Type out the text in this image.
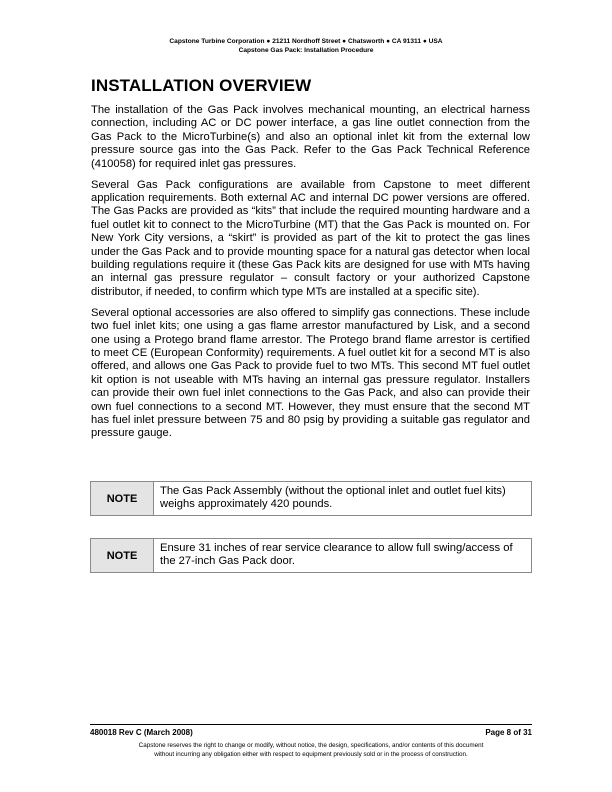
Capstone Turbine Corporation ● 21211 Nordhoff Street ● Chatsworth ● CA 91311 ● USA
Capstone Gas Pack: Installation Procedure
INSTALLATION OVERVIEW

The installation of the Gas Pack involves mechanical mounting, an electrical harness connection, including AC or DC power interface, a gas line outlet connection from the Gas Pack to the MicroTurbine(s) and also an optional inlet kit from the external low pressure source gas into the Gas Pack. Refer to the Gas Pack Technical Reference (410058) for required inlet gas pressures.

Several Gas Pack configurations are available from Capstone to meet different application requirements. Both external AC and internal DC power versions are offered. The Gas Packs are provided as “kits” that include the required mounting hardware and a fuel outlet kit to connect to the MicroTurbine (MT) that the Gas Pack is mounted on. For New York City versions, a “skirt” is provided as part of the kit to protect the gas lines under the Gas Pack and to provide mounting space for a natural gas detector when local building regulations require it (these Gas Pack kits are designed for use with MTs having an internal gas pressure regulator – consult factory or your authorized Capstone distributor, if needed, to confirm which type MTs are installed at a specific site).

Several optional accessories are also offered to simplify gas connections. These include two fuel inlet kits; one using a gas flame arrestor manufactured by Lisk, and a second one using a Protego brand flame arrestor. The Protego brand flame arrestor is certified to meet CE (European Conformity) requirements. A fuel outlet kit for a second MT is also offered, and allows one Gas Pack to provide fuel to two MTs. This second MT fuel outlet kit option is not useable with MTs having an internal gas pressure regulator. Installers can provide their own fuel inlet connections to the Gas Pack, and also can provide their own fuel connections to a second MT. However, they must ensure that the second MT has fuel inlet pressure between 75 and 80 psig by providing a suitable gas regulator and pressure gauge.

NOTE
The Gas Pack Assembly (without the optional inlet and outlet fuel kits) weighs approximately 420 pounds.
NOTE
Ensure 31 inches of rear service clearance to allow full swing/access of the 27-inch Gas Pack door.
480018 Rev C (March 2008)	Page 8 of 31
Capstone reserves the right to change or modify, without notice, the design, specifications, and/or contents of this document
without incurring any obligation either with respect to equipment previously sold or in the process of construction.
